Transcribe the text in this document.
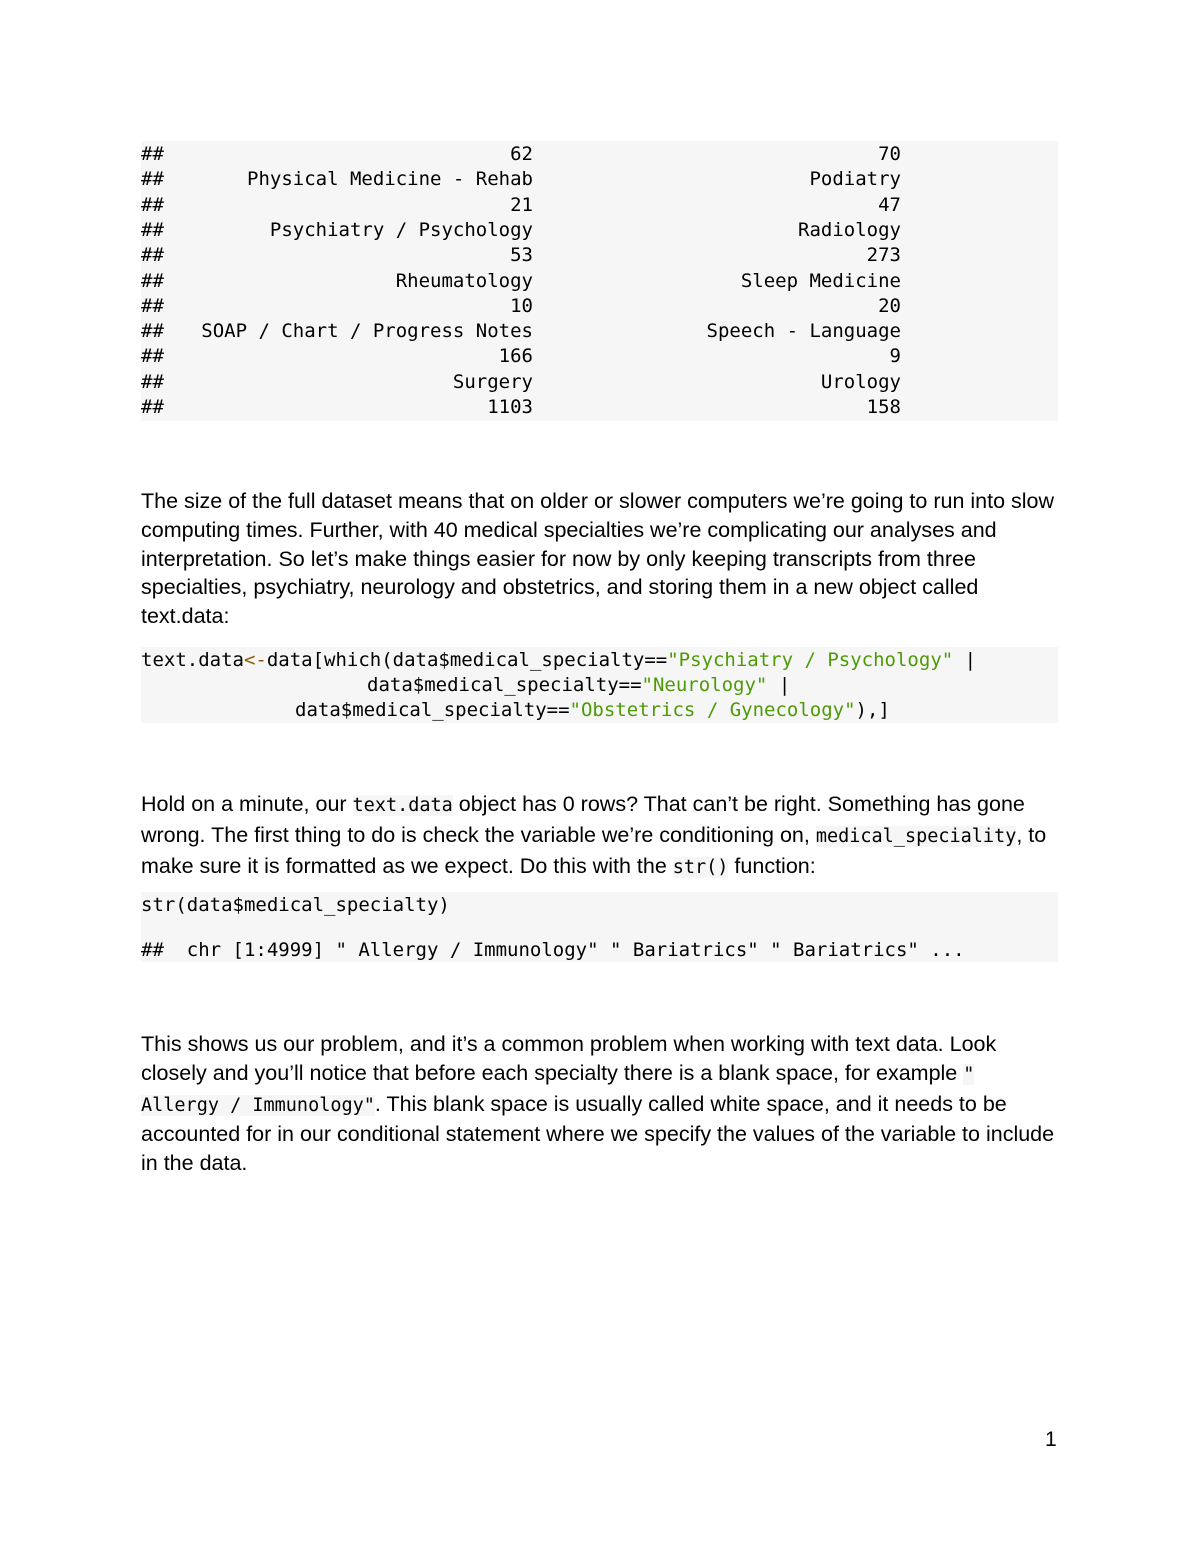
##	62	70
##	Physical Medicine - Rehab	Podiatry
##	21	47
##	Psychiatry / Psychology	Radiology
##	53	273
##	Rheumatology	Sleep Medicine
##	10	20
## SOAP / Chart / Progress Notes	Speech - Language
##	166	9
##	Surgery	Urology
##	1103	158

The size of the full dataset means that on older or slower computers we’re going to run into slow computing times. Further, with 40 medical specialties we’re complicating our analyses and interpretation. So let’s make things easier for now by only keeping transcripts from three specialties, psychiatry, neurology and obstetrics, and storing them in a new object called text.data:

text.data<-data[which(data$medical_specialty=="Psychiatry / Psychology" |
data$medical_specialty=="Neurology" |
data$medical_specialty=="Obstetrics / Gynecology"),]

Hold on a minute, our text.data object has 0 rows? That can’t be right. Something has gone wrong. The first thing to do is check the variable we’re conditioning on, medical_speciality, to make sure it is formatted as we expect. Do this with the str() function:

str(data$medical_specialty)
##  chr [1:4999] " Allergy / Immunology" " Bariatrics" " Bariatrics" ...

This shows us our problem, and it’s a common problem when working with text data. Look closely and you’ll notice that before each specialty there is a blank space, for example " Allergy / Immunology". This blank space is usually called white space, and it needs to be accounted for in our conditional statement where we specify the values of the variable to include in the data.

1
